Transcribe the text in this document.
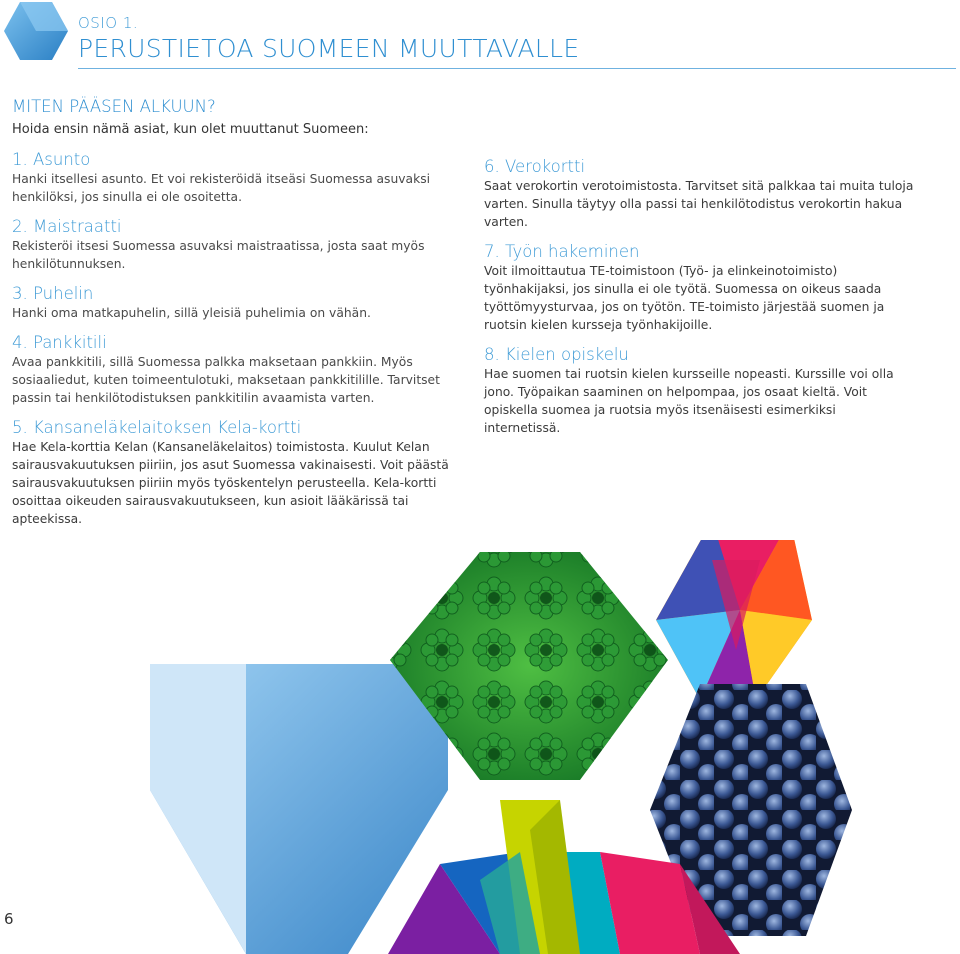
OSIO 1.
PERUSTIETOA SUOMEEN MUUTTAVALLE
MITEN PÄÄSEN ALKUUN?

Hoida ensin nämä asiat, kun olet muuttanut Suomeen:

1. Asunto

Hanki itsellesi asunto. Et voi rekisteröidä itseäsi Suomessa asuvaksi henkilöksi, jos sinulla ei ole osoitetta.

2. Maistraatti

Rekisteröi itsesi Suomessa asuvaksi maistraatissa, josta saat myös henkilötunnuksen.

3. Puhelin

Hanki oma matkapuhelin, sillä yleisiä puhelimia on vähän.

4. Pankkitili

Avaa pankkitili, sillä Suomessa palkka maksetaan pankkiin. Myös sosiaaliedut, kuten toimeentulotuki, maksetaan pankkitilille. Tarvitset passin tai henkilötodistuksen pankkitilin avaamista varten.

5. Kansaneläkelaitoksen Kela-kortti

Hae Kela-korttia Kelan (Kansaneläkelaitos) toimistosta. Kuulut Kelan sairausvakuutuksen piiriin, jos asut Suomessa vakinaisesti. Voit päästä sairausvakuutuksen piiriin myös työskentelyn perusteella. Kela-kortti osoittaa oikeuden sairausvakuutukseen, kun asioit lääkärissä tai apteekissa.

6. Verokortti

Saat verokortin verotoimistosta. Tarvitset sitä palkkaa tai muita tuloja varten. Sinulla täytyy olla passi tai henkilötodistus verokortin hakua varten.

7. Työn hakeminen

Voit ilmoittautua TE-toimistoon (Työ- ja elinkeinotoimisto) työnhakijaksi, jos sinulla ei ole työtä. Suomessa on oikeus saada työttömyysturvaa, jos on työtön. TE-toimisto järjestää suomen ja ruotsin kielen kursseja työnhakijoille.

8. Kielen opiskelu

Hae suomen tai ruotsin kielen kursseille nopeasti. Kurssille voi olla jono. Työpaikan saaminen on helpompaa, jos osaat kieltä. Voit opiskella suomea ja ruotsia myös itsenäisesti esimerkiksi internetissä.

6
